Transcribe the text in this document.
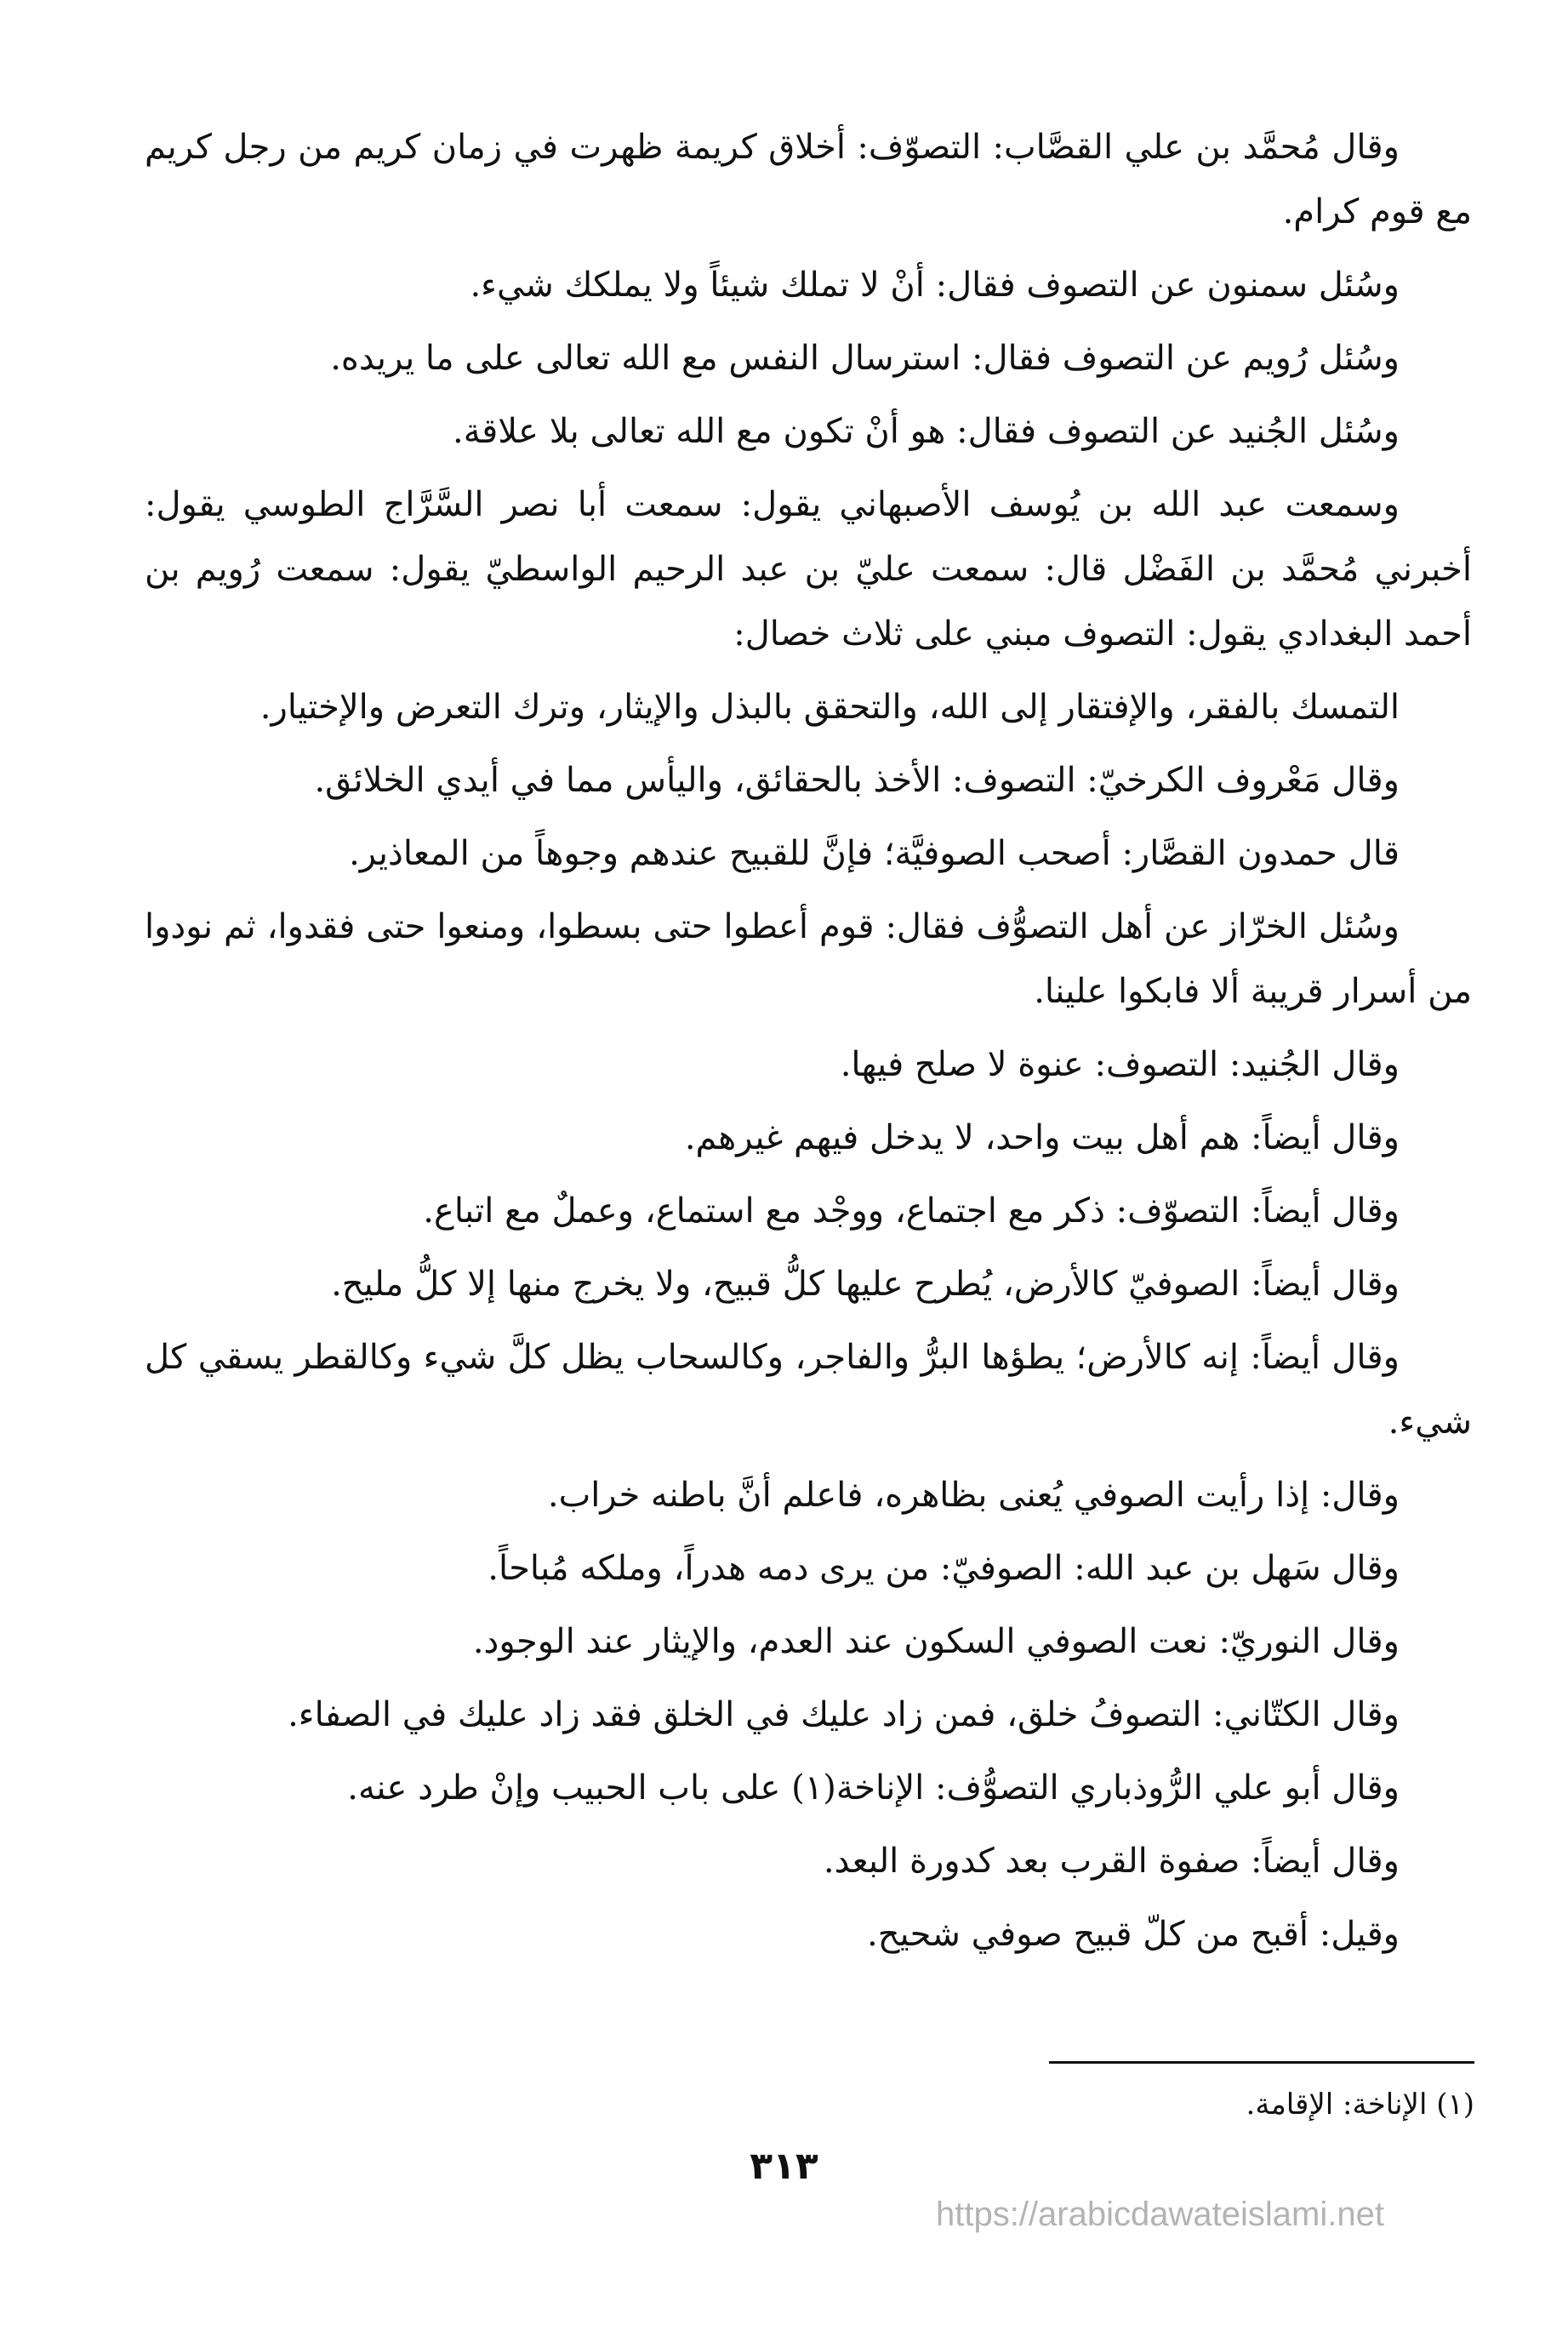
وقال مُحمَّد بن علي القصَّاب: التصوّف: أخلاق كريمة ظهرت في زمان كريم من رجل كريم مع قوم كرام.

وسُئل سمنون عن التصوف فقال: أنْ لا تملك شيئاً ولا يملكك شيء.

وسُئل رُويم عن التصوف فقال: استرسال النفس مع الله تعالى على ما يريده.

وسُئل الجُنيد عن التصوف فقال: هو أنْ تكون مع الله تعالى بلا علاقة.

وسمعت عبد الله بن يُوسف الأصبهاني يقول: سمعت أبا نصر السَّرَّاج الطوسي يقول: أخبرني مُحمَّد بن الفَضْل قال: سمعت عليّ بن عبد الرحيم الواسطيّ يقول: سمعت رُويم بن أحمد البغدادي يقول: التصوف مبني على ثلاث خصال:

التمسك بالفقر، والإفتقار إلى الله، والتحقق بالبذل والإيثار، وترك التعرض والإختيار.

وقال مَعْروف الكرخيّ: التصوف: الأخذ بالحقائق، واليأس مما في أيدي الخلائق.

قال حمدون القصَّار: أصحب الصوفيَّة؛ فإنَّ للقبيح عندهم وجوهاً من المعاذير.

وسُئل الخرّاز عن أهل التصوُّف فقال: قوم أعطوا حتى بسطوا، ومنعوا حتى فقدوا، ثم نودوا من أسرار قريبة ألا فابكوا علينا.

وقال الجُنيد: التصوف: عنوة لا صلح فيها.

وقال أيضاً: هم أهل بيت واحد، لا يدخل فيهم غيرهم.

وقال أيضاً: التصوّف: ذكر مع اجتماع، ووجْد مع استماع، وعملٌ مع اتباع.

وقال أيضاً: الصوفيّ كالأرض، يُطرح عليها كلُّ قبيح، ولا يخرج منها إلا كلُّ مليح.

وقال أيضاً: إنه كالأرض؛ يطؤها البرُّ والفاجر، وكالسحاب يظل كلَّ شيء وكالقطر يسقي كل شيء.

وقال: إذا رأيت الصوفي يُعنى بظاهره، فاعلم أنَّ باطنه خراب.

وقال سَهل بن عبد الله: الصوفيّ: من يرى دمه هدراً، وملكه مُباحاً.

وقال النوريّ: نعت الصوفي السكون عند العدم، والإيثار عند الوجود.

وقال الكتّاني: التصوفُ خلق، فمن زاد عليك في الخلق فقد زاد عليك في الصفاء.

وقال أبو علي الرُّوذباري التصوُّف: الإناخة(١) على باب الحبيب وإنْ طرد عنه.

وقال أيضاً: صفوة القرب بعد كدورة البعد.

وقيل: أقبح من كلّ قبيح صوفي شحيح.

(١) الإناخة: الإقامة.
٣١٣
https://arabicdawateislami.net
